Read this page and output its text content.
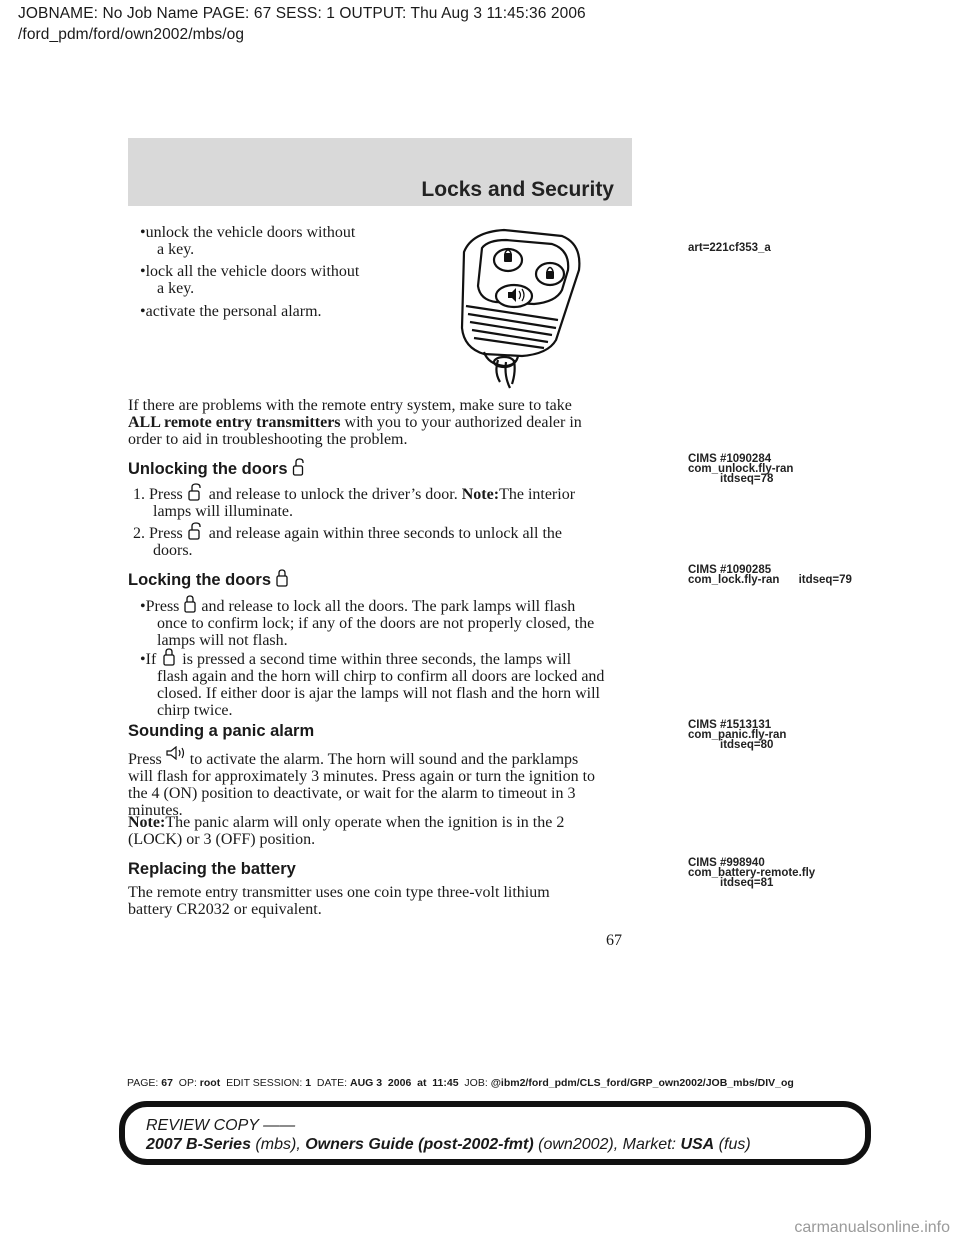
JOBNAME: No Job Name PAGE: 67 SESS: 1 OUTPUT: Thu Aug 3 11:45:36 2006
/ford_pdm/ford/own2002/mbs/og
Locks and Security
•unlock the vehicle doors without
a key.
•lock all the vehicle doors without
a key.
•activate the personal alarm.
If there are problems with the remote entry system, make sure to take
ALL remote entry transmitters with you to your authorized dealer in
order to aid in troubleshooting the problem.
Unlocking the doors
1. Press and release to unlock the driver’s door. Note:The interior
lamps will illuminate.
2. Press and release again within three seconds to unlock all the
doors.
Locking the doors
•Press and release to lock all the doors. The park lamps will flash
once to confirm lock; if any of the doors are not properly closed, the
lamps will not flash.
•If is pressed a second time within three seconds, the lamps will
flash again and the horn will chirp to confirm all doors are locked and
closed. If either door is ajar the lamps will not flash and the horn will
chirp twice.
Sounding a panic alarm
Press to activate the alarm. The horn will sound and the parklamps
will flash for approximately 3 minutes. Press again or turn the ignition to
the 4 (ON) position to deactivate, or wait for the alarm to timeout in 3
minutes.
Note:The panic alarm will only operate when the ignition is in the 2
(LOCK) or 3 (OFF) position.
Replacing the battery
The remote entry transmitter uses one coin type three-volt lithium
battery CR2032 or equivalent.
art=221cf353_a
CIMS #1090284
com_unlock.fly-ran
itdseq=78
CIMS #1090285
com_lock.fly-ran      itdseq=79
CIMS #1513131
com_panic.fly-ran
itdseq=80
CIMS #998940
com_battery-remote.fly
itdseq=81
67
PAGE: 67 OP: root EDIT SESSION: 1 DATE: AUG 3  2006  at  11:45 JOB: @ibm2/ford_pdm/CLS_ford/GRP_own2002/JOB_mbs/DIV_og
REVIEW COPY ——
2007 B-Series (mbs), Owners Guide (post-2002-fmt) (own2002), Market: USA (fus)
carmanualsonline.info
